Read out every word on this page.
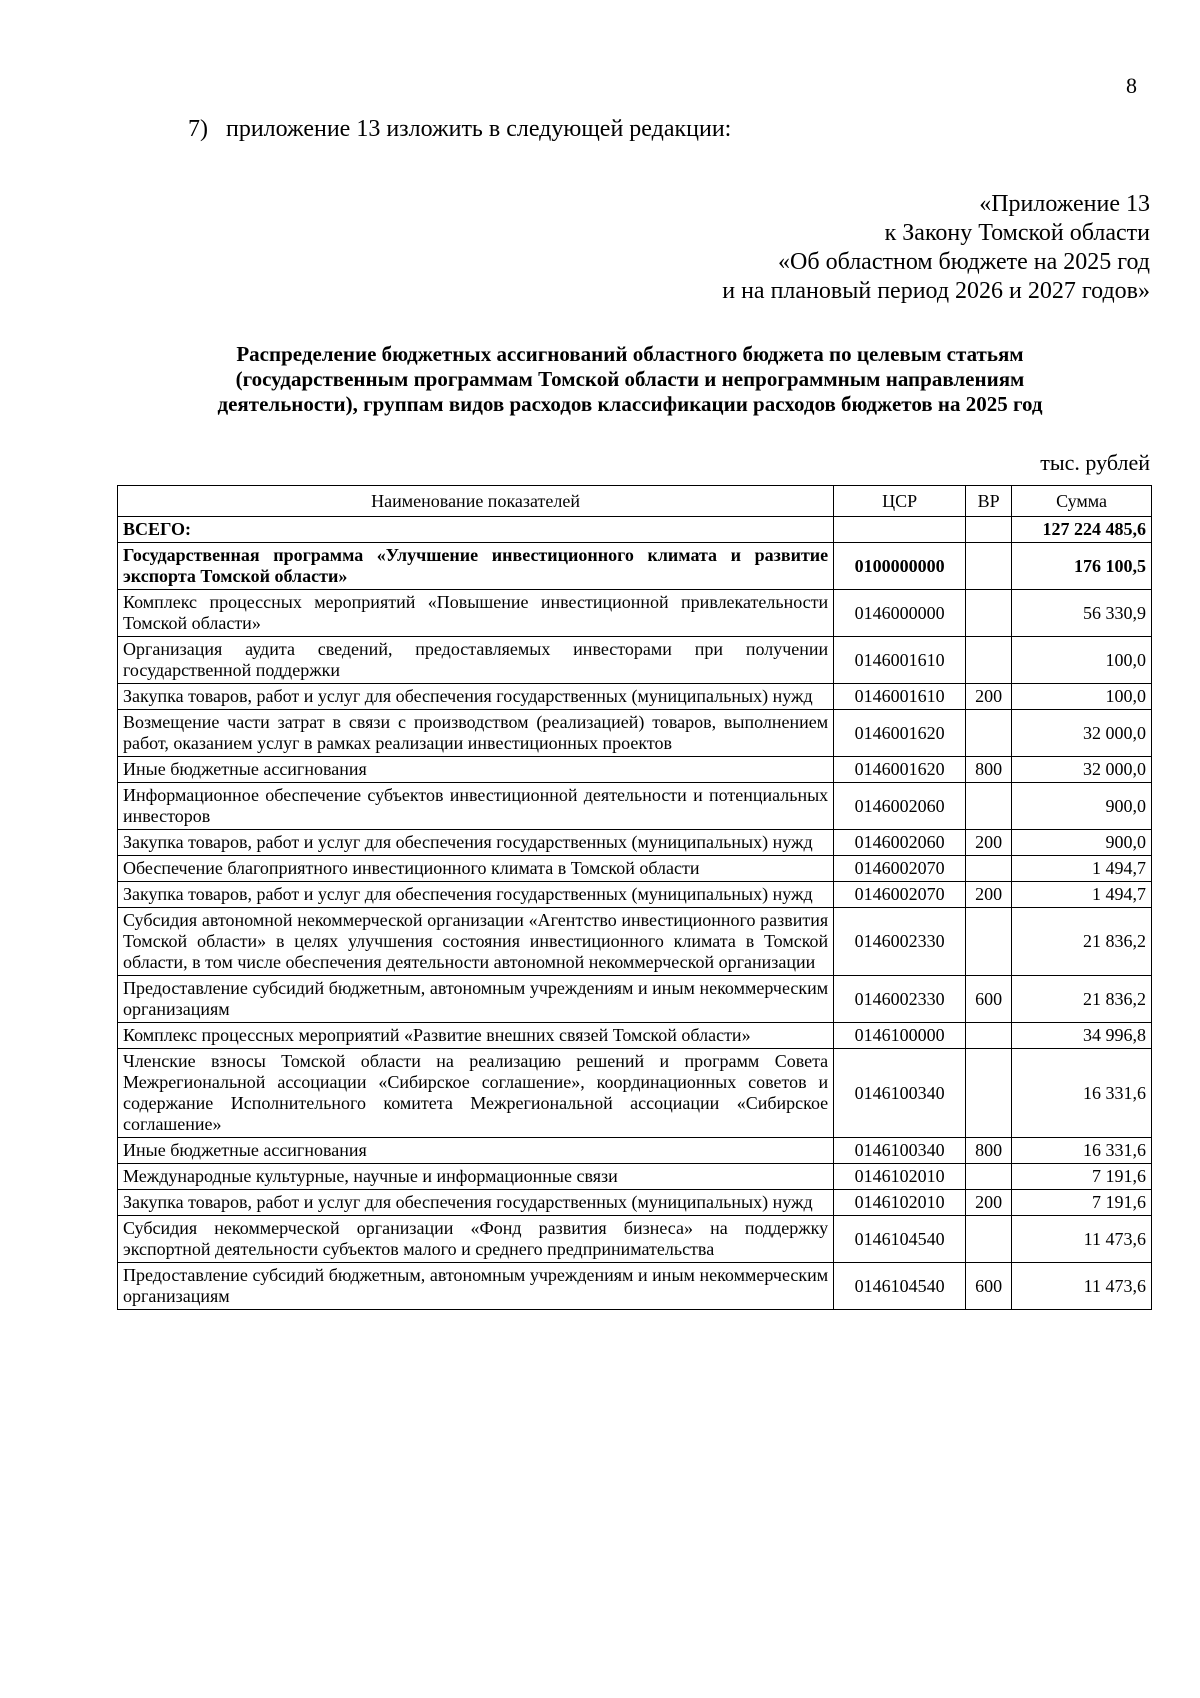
8
7)   приложение 13 изложить в следующей редакции:
«Приложение 13
к Закону Томской области
«Об областном бюджете на 2025 год
и на плановый период 2026 и 2027 годов»
Распределение бюджетных ассигнований областного бюджета по целевым статьям
(государственным программам Томской области и непрограммным направлениям
деятельности), группам видов расходов классификации расходов бюджетов на 2025 год
тыс. рублей
Наименование показателей	ЦСР	ВР	Сумма
ВСЕГО:			127 224 485,6
Государственная программа «Улучшение инвестиционного климата и развитие экспорта Томской области»	0100000000		176 100,5
Комплекс процессных мероприятий «Повышение инвестиционной привлекательности Томской области»	0146000000		56 330,9
Организация аудита сведений, предоставляемых инвесторами при получении государственной поддержки	0146001610		100,0
Закупка товаров, работ и услуг для обеспечения государственных (муниципальных) нужд	0146001610	200	100,0
Возмещение части затрат в связи с производством (реализацией) товаров, выполнением работ, оказанием услуг в рамках реализации инвестиционных проектов	0146001620		32 000,0
Иные бюджетные ассигнования	0146001620	800	32 000,0
Информационное обеспечение субъектов инвестиционной деятельности и потенциальных инвесторов	0146002060		900,0
Закупка товаров, работ и услуг для обеспечения государственных (муниципальных) нужд	0146002060	200	900,0
Обеспечение благоприятного инвестиционного климата в Томской области	0146002070		1 494,7
Закупка товаров, работ и услуг для обеспечения государственных (муниципальных) нужд	0146002070	200	1 494,7
Субсидия автономной некоммерческой организации «Агентство инвестиционного развития Томской области» в целях улучшения состояния инвестиционного климата в Томской области, в том числе обеспечения деятельности автономной некоммерческой организации	0146002330		21 836,2
Предоставление субсидий бюджетным, автономным учреждениям и иным некоммерческим организациям	0146002330	600	21 836,2
Комплекс процессных мероприятий «Развитие внешних связей Томской области»	0146100000		34 996,8
Членские взносы Томской области на реализацию решений и программ Совета Межрегиональной ассоциации «Сибирское соглашение», координационных советов и содержание Исполнительного комитета Межрегиональной ассоциации «Сибирское соглашение»	0146100340		16 331,6
Иные бюджетные ассигнования	0146100340	800	16 331,6
Международные культурные, научные и информационные связи	0146102010		7 191,6
Закупка товаров, работ и услуг для обеспечения государственных (муниципальных) нужд	0146102010	200	7 191,6
Субсидия некоммерческой организации «Фонд развития бизнеса» на поддержку экспортной деятельности субъектов малого и среднего предпринимательства	0146104540		11 473,6
Предоставление субсидий бюджетным, автономным учреждениям и иным некоммерческим организациям	0146104540	600	11 473,6
